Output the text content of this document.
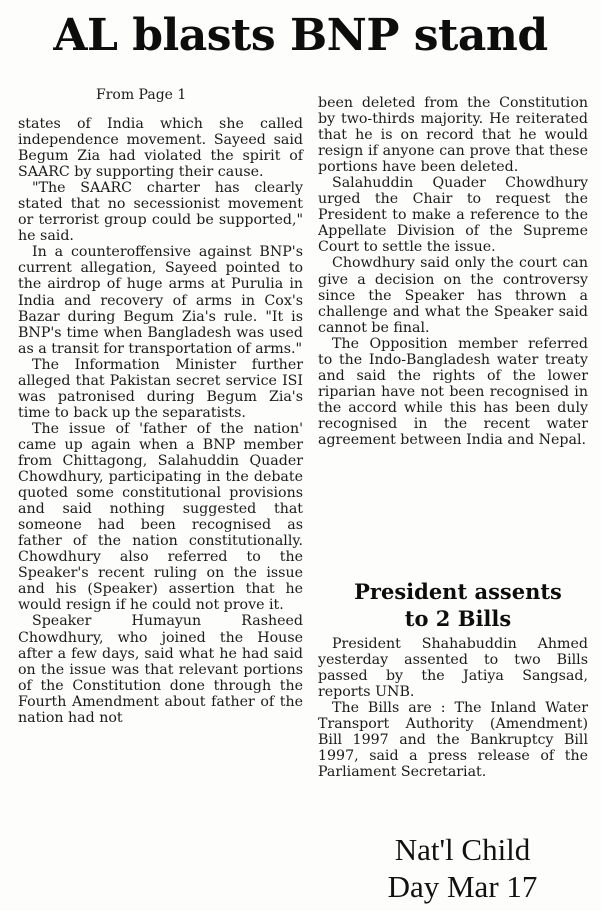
AL blasts BNP stand
From Page 1

states of India which she called independence movement. Sayeed said Begum Zia had violated the spirit of SAARC by supporting their cause.

"The SAARC charter has clearly stated that no secessionist movement or terrorist group could be supported," he said.

In a counteroffensive against BNP's current allegation, Sayeed pointed to the airdrop of huge arms at Purulia in India and recovery of arms in Cox's Bazar during Begum Zia's rule. "It is BNP's time when Bangladesh was used as a transit for transportation of arms."

The Information Minister further alleged that Pakistan secret service ISI was patronised during Begum Zia's time to back up the separatists.

The issue of 'father of the nation' came up again when a BNP member from Chittagong, Salahuddin Quader Chowdhury, participating in the debate quoted some constitutional provisions and said nothing suggested that someone had been recognised as father of the nation constitutionally. Chowdhury also referred to the Speaker's recent ruling on the issue and his (Speaker) assertion that he would resign if he could not prove it.

Speaker Humayun Rasheed Chowdhury, who joined the House after a few days, said what he had said on the issue was that relevant portions of the Constitution done through the Fourth Amendment about father of the nation had not

been deleted from the Constitution by two-thirds majority. He reiterated that he is on record that he would resign if anyone can prove that these portions have been deleted.

Salahuddin Quader Chowdhury urged the Chair to request the President to make a reference to the Appellate Division of the Supreme Court to settle the issue.

Chowdhury said only the court can give a decision on the controversy since the Speaker has thrown a challenge and what the Speaker said cannot be final.

The Opposition member referred to the Indo-Bangladesh water treaty and said the rights of the lower riparian have not been recognised in the accord while this has been duly recognised in the recent water agreement between India and Nepal.

President assents
to 2 Bills

President Shahabuddin Ahmed yesterday assented to two Bills passed by the Jatiya Sangsad, reports UNB.

The Bills are : The Inland Water Transport Authority (Amendment) Bill 1997 and the Bankruptcy Bill 1997, said a press release of the Parliament Secretariat.

Nat'l Child
Day Mar 17
